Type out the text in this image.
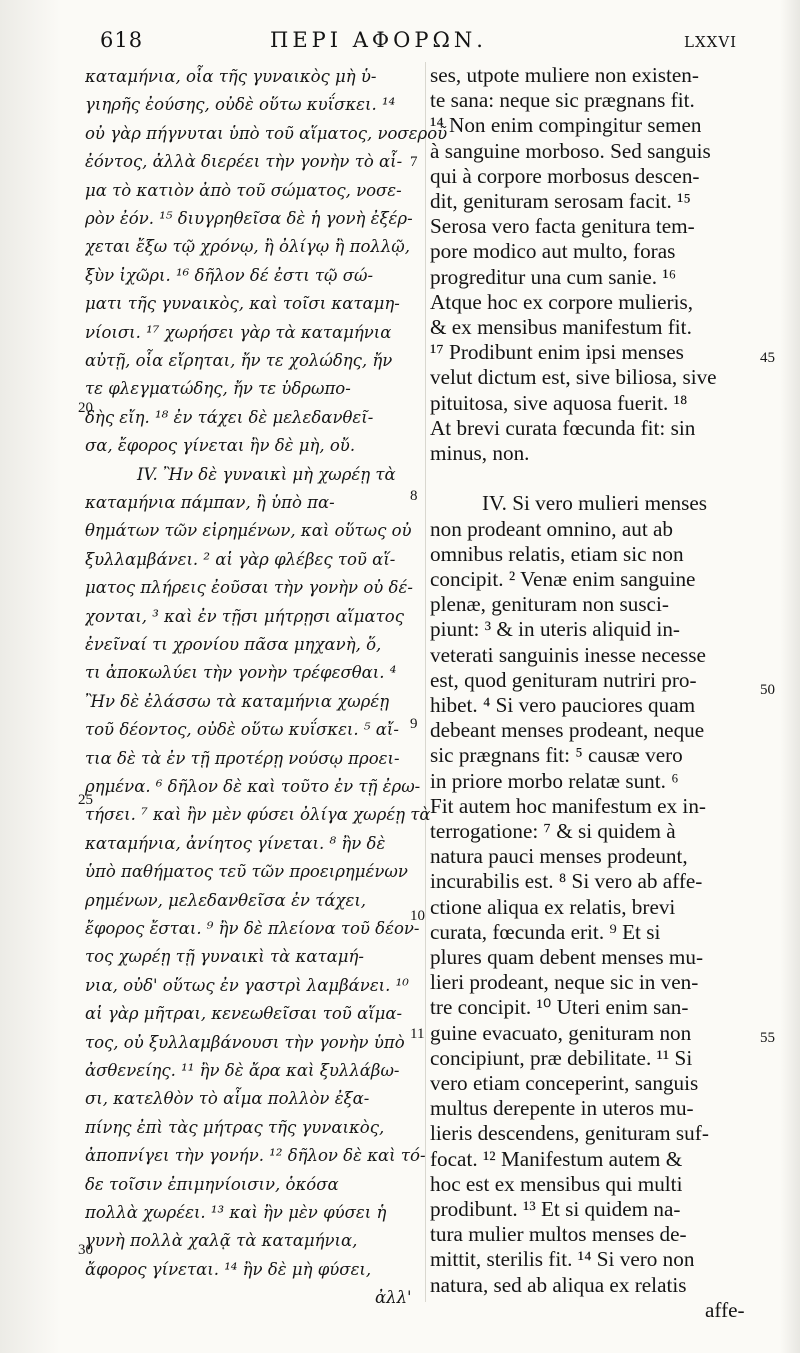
618	ΠΕΡΙ ΑΦΟΡΩΝ.	LXXVI
καταμήνια, οἷα τῆς γυναικὸς μὴ ὑ-
γιηρῆς ἐούσης, οὐδὲ οὕτω κυΐσκει. ¹⁴
οὐ γὰρ πήγνυται ὑπὸ τοῦ αἵματος, νοσεροῦ
ἐόντος, ἀλλὰ διερέει τὴν γονὴν τὸ αἷ-
μα τὸ κατιὸν ἀπὸ τοῦ σώματος, νοσε-
ρὸν ἐόν. ¹⁵ διυγρηθεῖσα δὲ ἡ γονὴ ἐξέρ-
χεται ἔξω τῷ χρόνῳ, ἢ ὀλίγῳ ἢ πολλῷ,
ξὺν ἰχῶρι. ¹⁶ δῆλον δέ ἐστι τῷ σώ-
ματι τῆς γυναικὸς, καὶ τοῖσι καταμη-
νίοισι. ¹⁷ χωρήσει γὰρ τὰ καταμήνια
αὐτῇ, οἷα εἴρηται, ἤν τε χολώδης, ἤν
τε φλεγματώδης, ἤν τε ὑδρωπο-
δὴς εἴη. ¹⁸ ἐν τάχει δὲ μελεδανθεῖ-
σα, ἔφορος γίνεται ἢν δὲ μὴ, οὔ.
IV. Ἢν δὲ γυναικὶ μὴ χωρέῃ τὰ
καταμήνια πάμπαν, ἢ ὑπὸ πα-
θημάτων τῶν εἰρημένων, καὶ οὕτως οὐ
ξυλλαμβάνει. ² αἱ γὰρ φλέβες τοῦ αἵ-
ματος πλήρεις ἐοῦσαι τὴν γονὴν οὐ δέ-
χονται, ³ καὶ ἐν τῇσι μήτρῃσι αἵματος
ἐνεῖναί τι χρονίου πᾶσα μηχανὴ, ὅ,
τι ἀποκωλύει τὴν γονὴν τρέφεσθαι. ⁴
Ἢν δὲ ἐλάσσω τὰ καταμήνια χωρέῃ
τοῦ δέοντος, οὐδὲ οὕτω κυΐσκει. ⁵ αἴ-
τια δὲ τὰ ἐν τῇ προτέρῃ νούσῳ προει-
ρημένα. ⁶ δῆλον δὲ καὶ τοῦτο ἐν τῇ ἐρω-
τήσει. ⁷ καὶ ἢν μὲν φύσει ὀλίγα χωρέῃ τὰ
καταμήνια, ἀνίητος γίνεται. ⁸ ἢν δὲ
ὑπὸ παθήματος τεῦ τῶν προειρημένων
ρημένων, μελεδανθεῖσα ἐν τάχει,
ἔφορος ἔσται. ⁹ ἢν δὲ πλείονα τοῦ δέον-
τος χωρέῃ τῇ γυναικὶ τὰ καταμή-
νια, οὐδ' οὕτως ἐν γαστρὶ λαμβάνει. ¹⁰
αἱ γὰρ μῆτραι, κενεωθεῖσαι τοῦ αἵμα-
τος, οὐ ξυλλαμβάνουσι τὴν γονὴν ὑπὸ
ἀσθενείης. ¹¹ ἢν δὲ ἄρα καὶ ξυλλάβω-
σι, κατελθὸν τὸ αἷμα πολλὸν ἐξα-
πίνης ἐπὶ τὰς μήτρας τῆς γυναικὸς,
ἀποπνίγει τὴν γονήν. ¹² δῆλον δὲ καὶ τό-
δε τοῖσιν ἐπιμηνίοισιν, ὁκόσα
πολλὰ χωρέει. ¹³ καὶ ἢν μὲν φύσει ἡ
γυνὴ πολλὰ χαλᾷ τὰ καταμήνια,
ἄφορος γίνεται. ¹⁴ ἢν δὲ μὴ φύσει,
ἀλλ'
ses, utpote muliere non existen-
te sana: neque sic prægnans fit.
¹⁴ Non enim compingitur semen
à sanguine morboso. Sed sanguis
qui à corpore morbosus descen-
dit, genituram serosam facit. ¹⁵
Serosa vero facta genitura tem-
pore modico aut multo, foras
progreditur una cum sanie. ¹⁶
Atque hoc ex corpore mulieris,
& ex mensibus manifestum fit.
¹⁷ Prodibunt enim ipsi menses
velut dictum est, sive biliosa, sive
pituitosa, sive aquosa fuerit. ¹⁸
At brevi curata fœcunda fit: sin
minus, non.
IV. Si vero mulieri menses
non prodeant omnino, aut ab
omnibus relatis, etiam sic non
concipit. ² Venæ enim sanguine
plenæ, genituram non susci-
piunt: ³ & in uteris aliquid in-
veterati sanguinis inesse necesse
est, quod genituram nutriri pro-
hibet. ⁴ Si vero pauciores quam
debeant menses prodeant, neque
sic prægnans fit: ⁵ causæ vero
in priore morbo relatæ sunt. ⁶
Fit autem hoc manifestum ex in-
terrogatione: ⁷ & si quidem à
natura pauci menses prodeunt,
incurabilis est. ⁸ Si vero ab affe-
ctione aliqua ex relatis, brevi
curata, fœcunda erit. ⁹ Et si
plures quam debent menses mu-
lieri prodeant, neque sic in ven-
tre concipit. ¹⁰ Uteri enim san-
guine evacuato, genituram non
concipiunt, præ debilitate. ¹¹ Si
vero etiam conceperint, sanguis
multus derepente in uteros mu-
lieris descendens, genituram suf-
focat. ¹² Manifestum autem &
hoc est ex mensibus qui multi
prodibunt. ¹³ Et si quidem na-
tura mulier multos menses de-
mittit, sterilis fit. ¹⁴ Si vero non
natura, sed ab aliqua ex relatis
affe-
20
25
30
7
8
9
10
11
45
50
55
